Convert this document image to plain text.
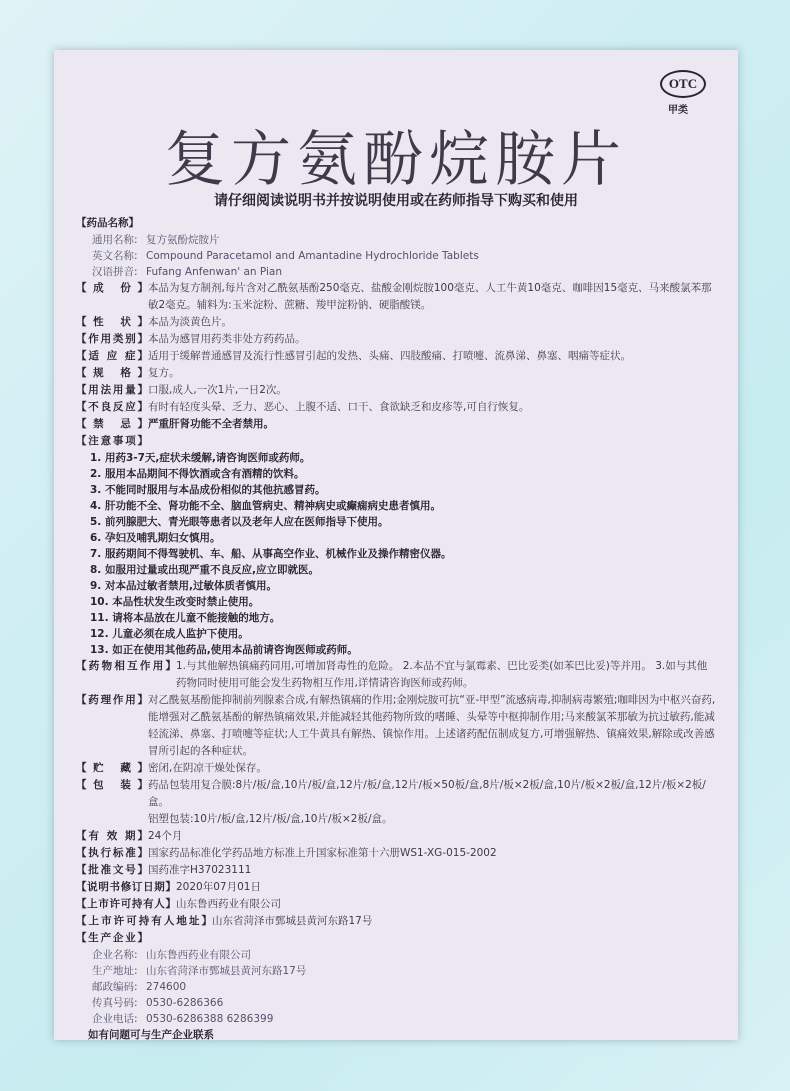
OTC
甲类
复方氨酚烷胺片
请仔细阅读说明书并按说明使用或在药师指导下购买和使用
【药品名称】
通用名称: 复方氨酚烷胺片
英文名称: Compound Paracetamol and Amantadine Hydrochloride Tablets
汉语拼音: Fufang Anfenwan' an Pian
【成 份】 本品为复方制剂,每片含对乙酰氨基酚250毫克、盐酸金刚烷胺100毫克、人工牛黄10毫克、咖啡因15毫克、马来酸氯苯那敏2毫克。辅料为:玉米淀粉、蔗糖、羧甲淀粉钠、硬脂酸镁。
【性 状】 本品为淡黄色片。
【作用类别】 本品为感冒用药类非处方药药品。
【适 应 症】 适用于缓解普通感冒及流行性感冒引起的发热、头痛、四肢酸痛、打喷嚏、流鼻涕、鼻塞、咽痛等症状。
【规 格】 复方。
【用法用量】 口服,成人,一次1片,一日2次。
【不良反应】 有时有轻度头晕、乏力、恶心、上腹不适、口干、食欲缺乏和皮疹等,可自行恢复。
【禁 忌】 严重肝肾功能不全者禁用。
【注意事项】
1. 用药3-7天,症状未缓解,请咨询医师或药师。
2. 服用本品期间不得饮酒或含有酒精的饮料。
3. 不能同时服用与本品成份相似的其他抗感冒药。
4. 肝功能不全、肾功能不全、脑血管病史、精神病史或癫痫病史患者慎用。
5. 前列腺肥大、青光眼等患者以及老年人应在医师指导下使用。
6. 孕妇及哺乳期妇女慎用。
7. 服药期间不得驾驶机、车、船、从事高空作业、机械作业及操作精密仪器。
8. 如服用过量或出现严重不良反应,应立即就医。
9. 对本品过敏者禁用,过敏体质者慎用。
10. 本品性状发生改变时禁止使用。
11. 请将本品放在儿童不能接触的地方。
12. 儿童必须在成人监护下使用。
13. 如正在使用其他药品,使用本品前请咨询医师或药师。
【药物相互作用】 1.与其他解热镇痛药同用,可增加肾毒性的危险。 2.本品不宜与氯霉素、巴比妥类(如苯巴比妥)等并用。 3.如与其他药物同时使用可能会发生药物相互作用,详情请咨询医师或药师。
【药理作用】 对乙酰氨基酚能抑制前列腺素合成,有解热镇痛的作用;金刚烷胺可抗“亚-甲型”流感病毒,抑制病毒繁殖;咖啡因为中枢兴奋药,能增强对乙酰氨基酚的解热镇痛效果,并能减轻其他药物所致的嗜睡、头晕等中枢抑制作用;马来酸氯苯那敏为抗过敏药,能减轻流涕、鼻塞、打喷嚏等症状;人工牛黄具有解热、镇惊作用。上述诸药配伍制成复方,可增强解热、镇痛效果,解除或改善感冒所引起的各种症状。
【贮 藏】 密闭,在阴凉干燥处保存。
【包 装】 药品包装用复合膜:8片/板/盒,10片/板/盒,12片/板/盒,12片/板×50板/盒,8片/板×2板/盒,10片/板×2板/盒,12片/板×2板/盒。
铝塑包装:10片/板/盒,12片/板/盒,10片/板×2板/盒。
【有 效 期】 24个月
【执行标准】 国家药品标准化学药品地方标准上升国家标准第十六册WS1-XG-015-2002
【批准文号】 国药准字H37023111
【说明书修订日期】 2020年07月01日
【上市许可持有人】 山东鲁西药业有限公司
【上市许可持有人地址】 山东省菏泽市鄄城县黄河东路17号
【生产企业】
企业名称: 山东鲁西药业有限公司
生产地址: 山东省菏泽市鄄城县黄河东路17号
邮政编码: 274600
传真号码: 0530-6286366
企业电话: 0530-6286388 6286399
如有问题可与生产企业联系
